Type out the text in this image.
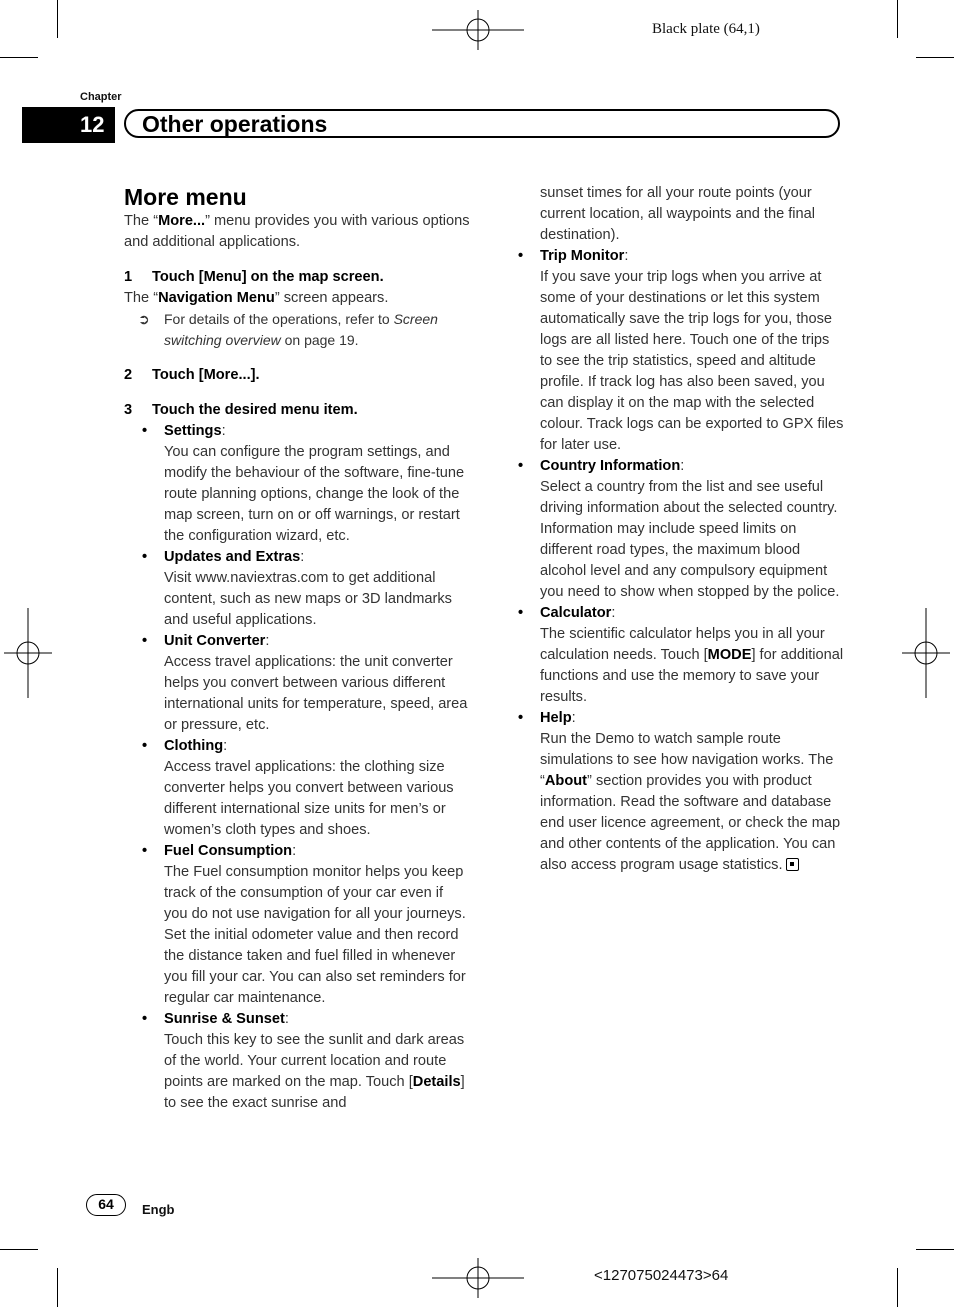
Black plate (64,1)
Chapter
12	Other operations

More menu

The “More...” menu provides you with various options and additional applications.

1 Touch [Menu] on the map screen.

The “Navigation Menu” screen appears.

➲ For details of the operations, refer to Screen switching overview on page 19.

2 Touch [More...].

3 Touch the desired menu item.

• Settings:
You can configure the program settings, and modify the behaviour of the software, fine-tune route planning options, change the look of the map screen, turn on or off warnings, or restart the configuration wizard, etc.
• Updates and Extras:
Visit www.naviextras.com to get additional content, such as new maps or 3D landmarks and useful applications.
• Unit Converter:
Access travel applications: the unit converter helps you convert between various different international units for temperature, speed, area or pressure, etc.
• Clothing:
Access travel applications: the clothing size converter helps you convert between various different international size units for men’s or women’s cloth types and shoes.
• Fuel Consumption:
The Fuel consumption monitor helps you keep track of the consumption of your car even if you do not use navigation for all your journeys. Set the initial odometer value and then record the distance taken and fuel filled in whenever you fill your car. You can also set reminders for regular car maintenance.
• Sunrise & Sunset:
Touch this key to see the sunlit and dark areas of the world. Your current location and route points are marked on the map. Touch [Details] to see the exact sunrise and

sunset times for all your route points (your current location, all waypoints and the final destination).

• Trip Monitor:
If you save your trip logs when you arrive at some of your destinations or let this system automatically save the trip logs for you, those logs are all listed here. Touch one of the trips to see the trip statistics, speed and altitude profile. If track log has also been saved, you can display it on the map with the selected colour. Track logs can be exported to GPX files for later use.
• Country Information:
Select a country from the list and see useful driving information about the selected country. Information may include speed limits on different road types, the maximum blood alcohol level and any compulsory equipment you need to show when stopped by the police.
• Calculator:
The scientific calculator helps you in all your calculation needs. Touch [MODE] for additional functions and use the memory to save your results.
• Help:
Run the Demo to watch sample route simulations to see how navigation works. The “About” section provides you with product information. Read the software and database end user licence agreement, or check the map and other contents of the application. You can also access program usage statistics.
64	Engb
<127075024473>64
